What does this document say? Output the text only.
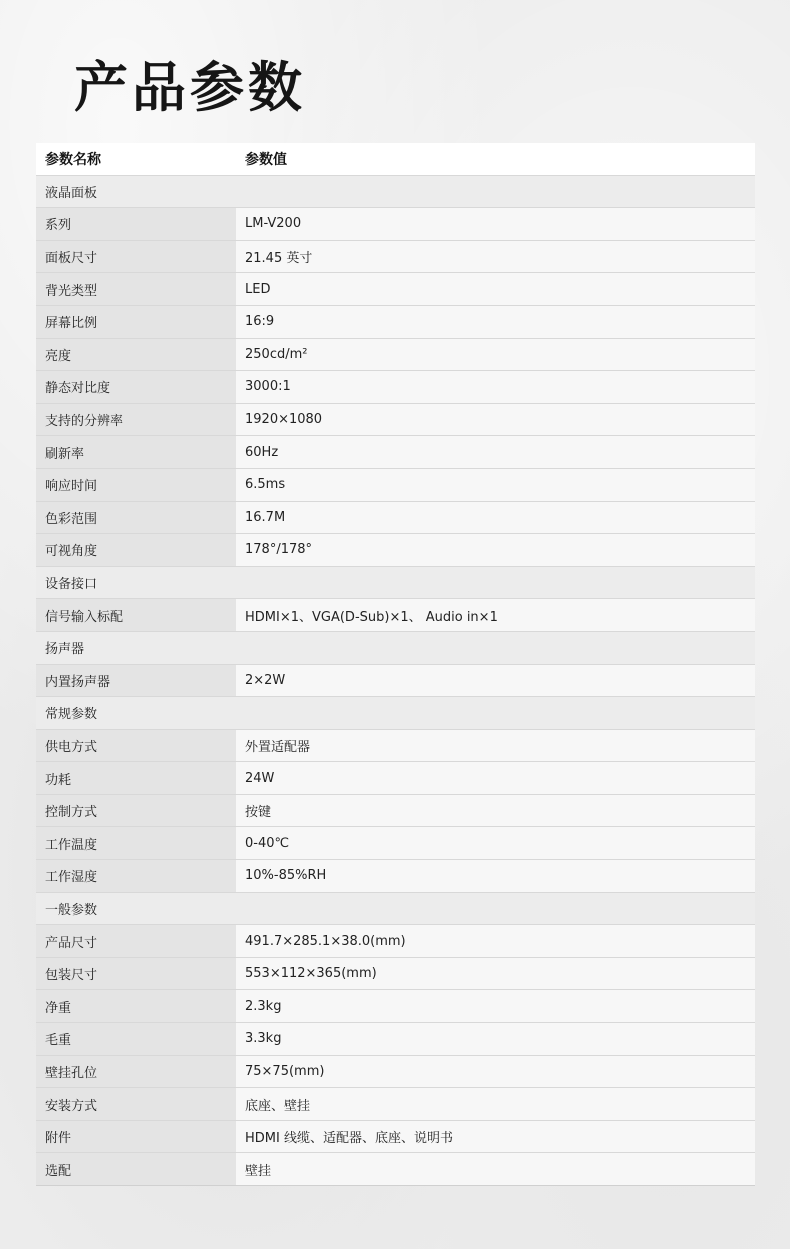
产品参数
参数名称	参数值
液晶面板	
系列	LM-V200
面板尺寸	21.45 英寸
背光类型	LED
屏幕比例	16:9
亮度	250cd/m²
静态对比度	3000:1
支持的分辨率	1920×1080
刷新率	60Hz
响应时间	6.5ms
色彩范围	16.7M
可视角度	178°/178°
设备接口	
信号输入标配	HDMI×1、VGA(D-Sub)×1、 Audio in×1
扬声器	
内置扬声器	2×2W
常规参数	
供电方式	外置适配器
功耗	24W
控制方式	按键
工作温度	0-40℃
工作湿度	10%-85%RH
一般参数	
产品尺寸	491.7×285.1×38.0(mm)
包装尺寸	553×112×365(mm)
净重	2.3kg
毛重	3.3kg
壁挂孔位	75×75(mm)
安装方式	底座、壁挂
附件	HDMI 线缆、适配器、底座、说明书
选配	壁挂
